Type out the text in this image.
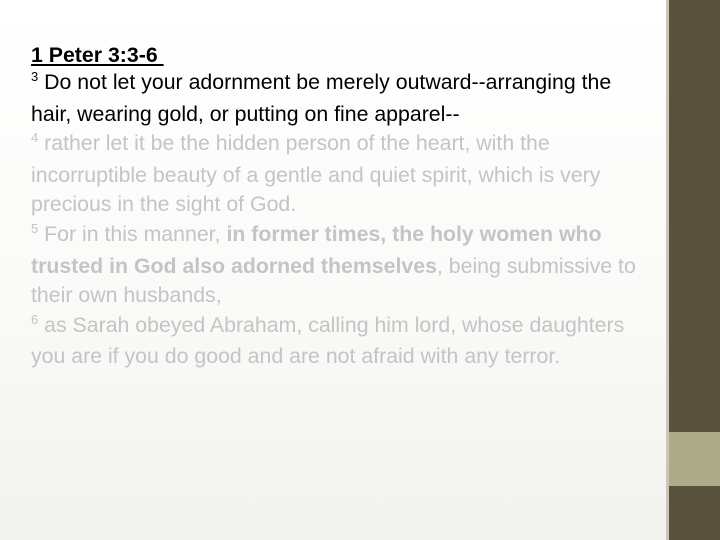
1 Peter 3:3-6
$^3$ Do not let your adornment be merely outward--arranging the hair, wearing gold, or putting on fine apparel--
$^4$ rather let it be the hidden person of the heart, with the incorruptible beauty of a gentle and quiet spirit, which is very precious in the sight of God.
$^5$ For in this manner, in former times, the holy women who trusted in God also adorned themselves, being submissive to their own husbands,
$^6$ as Sarah obeyed Abraham, calling him lord, whose daughters you are if you do good and are not afraid with any terror.
